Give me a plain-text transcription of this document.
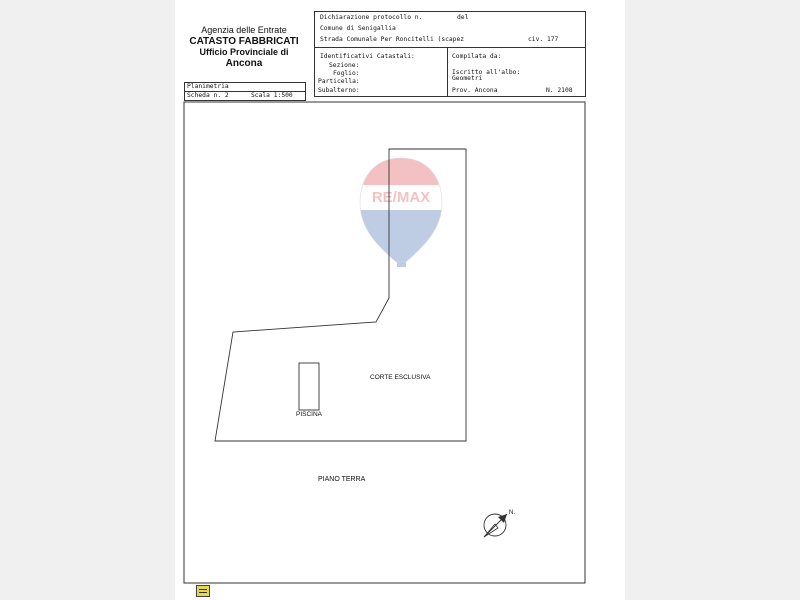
Agenzia delle Entrate
CATASTO FABBRICATI
Ufficio Provinciale di
Ancona
Dichiarazione protocollo n.	del
Comune di Senigallia
Strada Comunale Per Roncitelli (scapez	civ. 177
Identificativi Catastali:
Sezione:
Foglio:
Particella:
Subalterno:
Compilata da:
Iscritto all'albo:
Geometri
Prov. Ancona	N. 2108
Planimetria
Scheda n. 2	Scala 1:500
RE/MAX
CORTE ESCLUSIVA
PISCINA
PIANO TERRA
N.
